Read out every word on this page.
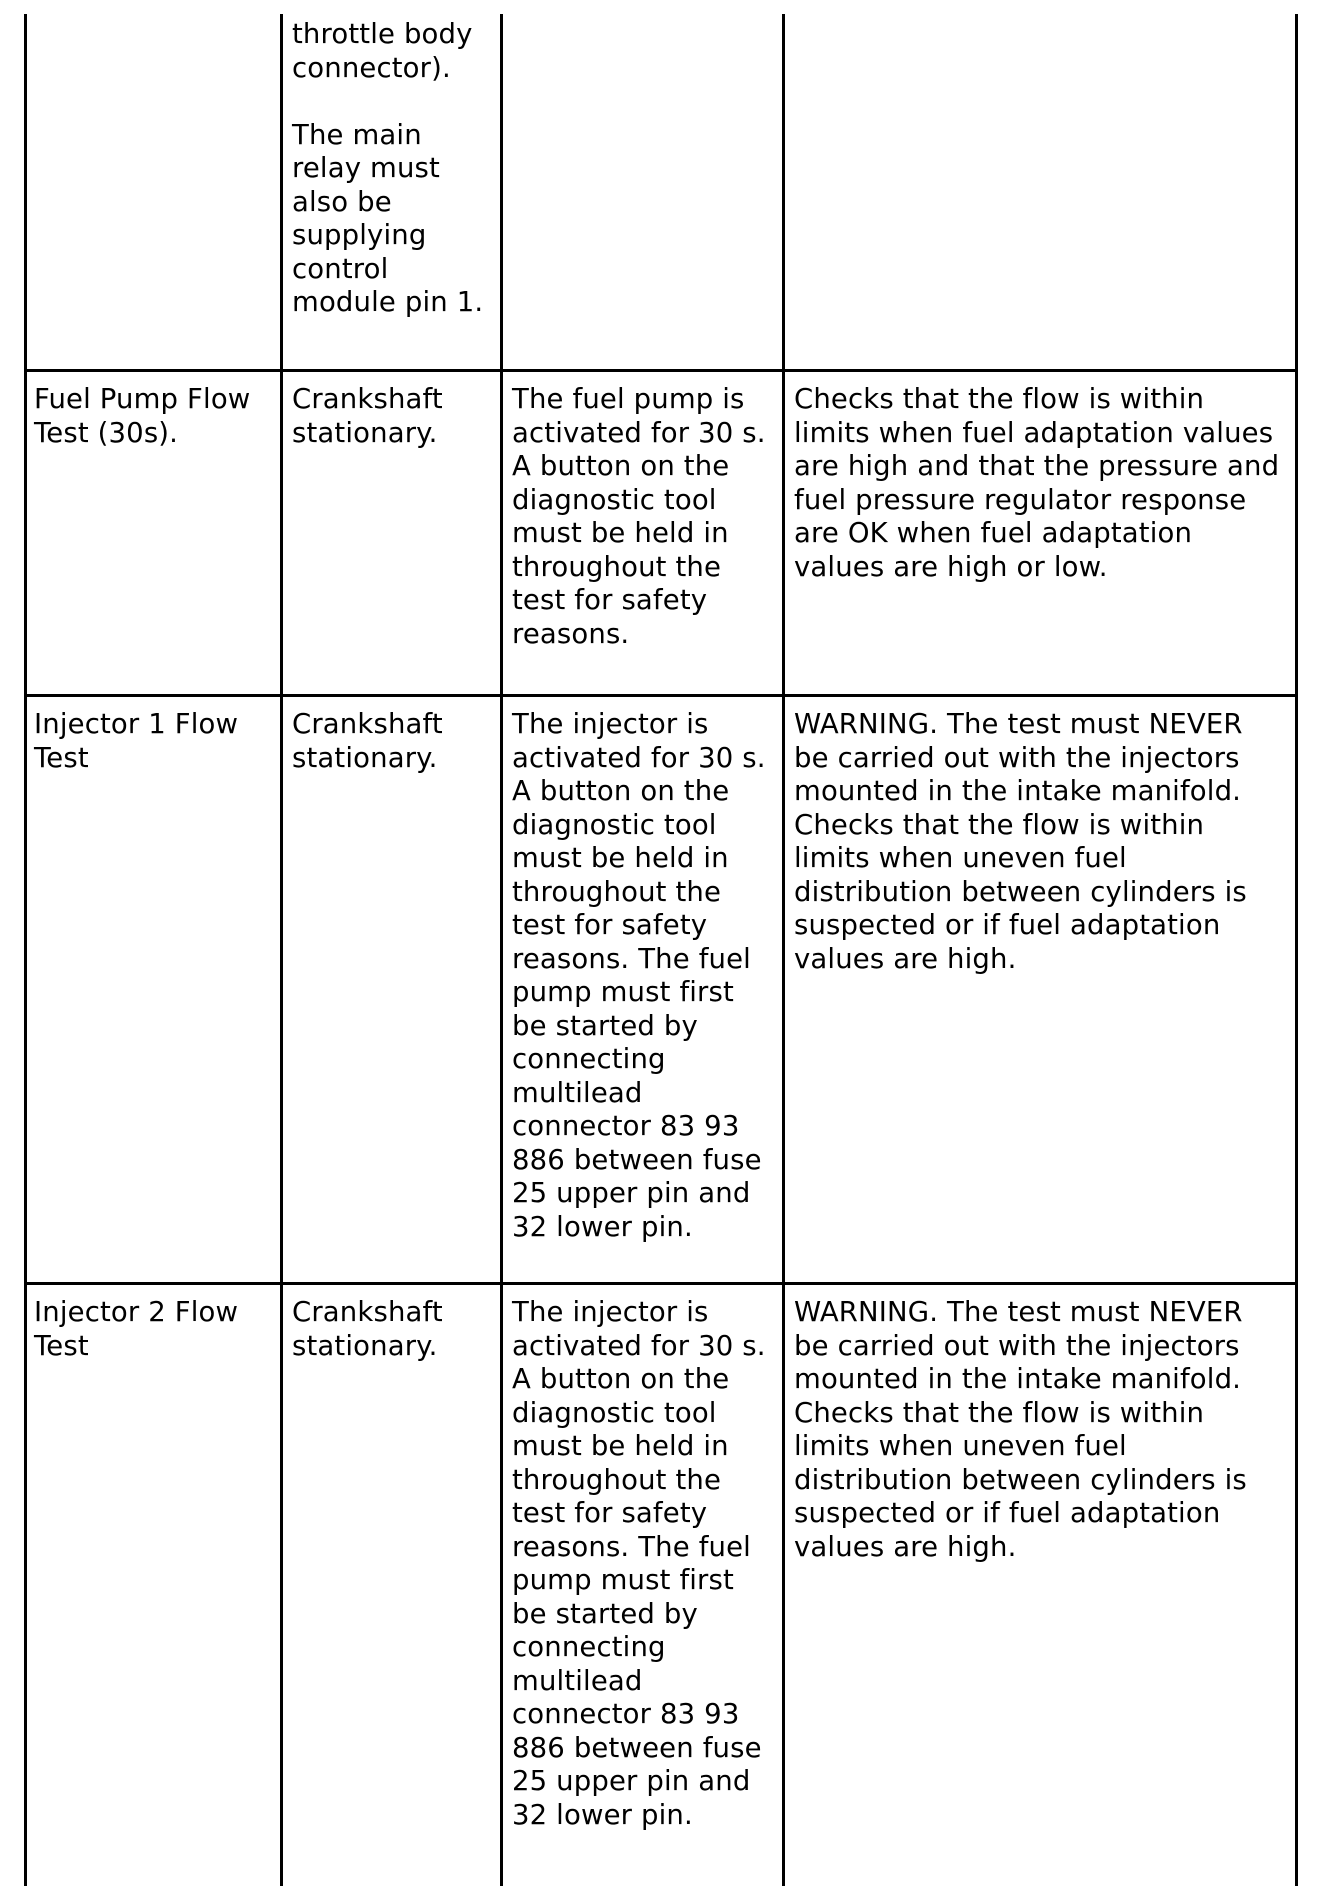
throttle body
connector).

The main
relay must
also be
supplying
control
module pin 1.

Fuel Pump Flow
Test (30s).
Crankshaft
stationary.
The fuel pump is
activated for 30 s.
A button on the
diagnostic tool
must be held in
throughout the
test for safety
reasons.
Checks that the flow is within
limits when fuel adaptation values
are high and that the pressure and
fuel pressure regulator response
are OK when fuel adaptation
values are high or low.
Injector 1 Flow
Test
Crankshaft
stationary.
The injector is
activated for 30 s.
A button on the
diagnostic tool
must be held in
throughout the
test for safety
reasons. The fuel
pump must first
be started by
connecting
multilead
connector 83 93
886 between fuse
25 upper pin and
32 lower pin.
WARNING. The test must NEVER
be carried out with the injectors
mounted in the intake manifold.
Checks that the flow is within
limits when uneven fuel
distribution between cylinders is
suspected or if fuel adaptation
values are high.
Injector 2 Flow
Test
Crankshaft
stationary.
The injector is
activated for 30 s.
A button on the
diagnostic tool
must be held in
throughout the
test for safety
reasons. The fuel
pump must first
be started by
connecting
multilead
connector 83 93
886 between fuse
25 upper pin and
32 lower pin.
WARNING. The test must NEVER
be carried out with the injectors
mounted in the intake manifold.
Checks that the flow is within
limits when uneven fuel
distribution between cylinders is
suspected or if fuel adaptation
values are high.
